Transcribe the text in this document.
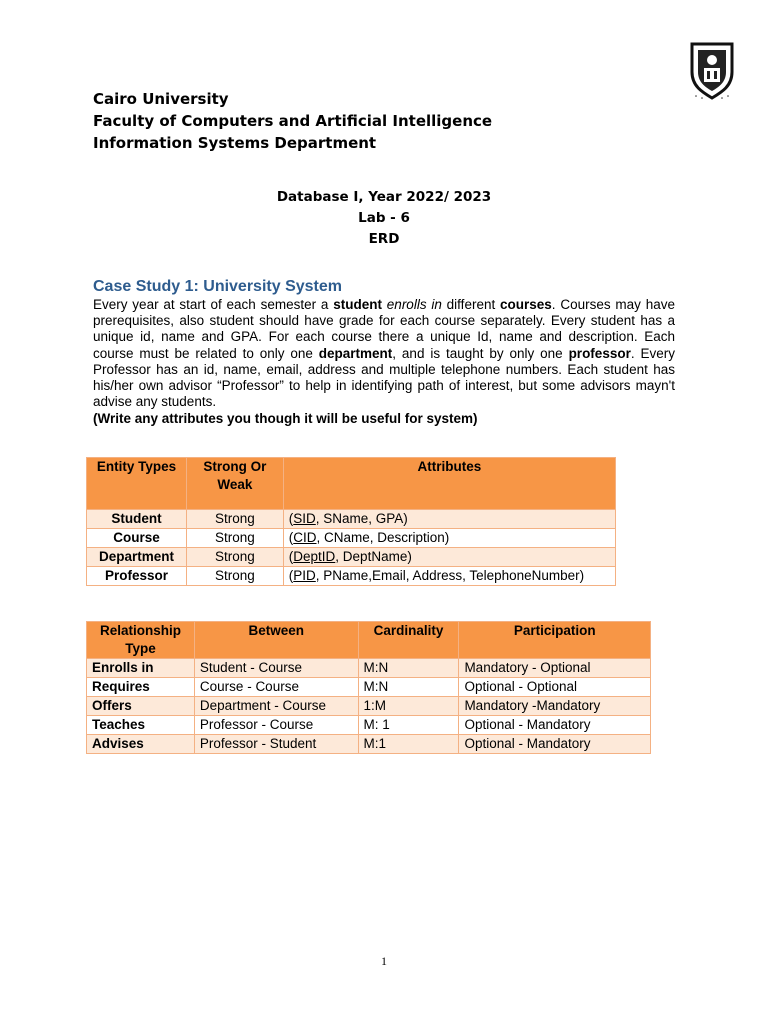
Cairo University
Faculty of Computers and Artificial Intelligence
Information Systems Department
Database I, Year 2022/ 2023
Lab - 6
ERD
Case Study 1: University System
Every year at start of each semester a student enrolls in different courses. Courses may have prerequisites, also student should have grade for each course separately. Every student has a unique id, name and GPA. For each course there a unique Id, name and description. Each course must be related to only one department, and is taught by only one professor. Every Professor has an id, name, email, address and multiple telephone numbers. Each student has his/her own advisor “Professor” to help in identifying path of interest, but some advisors mayn't advise any students.
(Write any attributes you though it will be useful for system)
Entity Types	Strong Or Weak	Attributes
Student	Strong	(SID, SName, GPA)
Course	Strong	(CID, CName, Description)
Department	Strong	(DeptID, DeptName)
Professor	Strong	(PID, PName,Email, Address, TelephoneNumber)
Relationship Type	Between	Cardinality	Participation
Enrolls in	Student - Course	M:N	Mandatory - Optional
Requires	Course - Course	M:N	Optional - Optional
Offers	Department - Course	1:M	Mandatory -Mandatory
Teaches	Professor - Course	M: 1	Optional - Mandatory
Advises	Professor - Student	M:1	Optional - Mandatory
1
